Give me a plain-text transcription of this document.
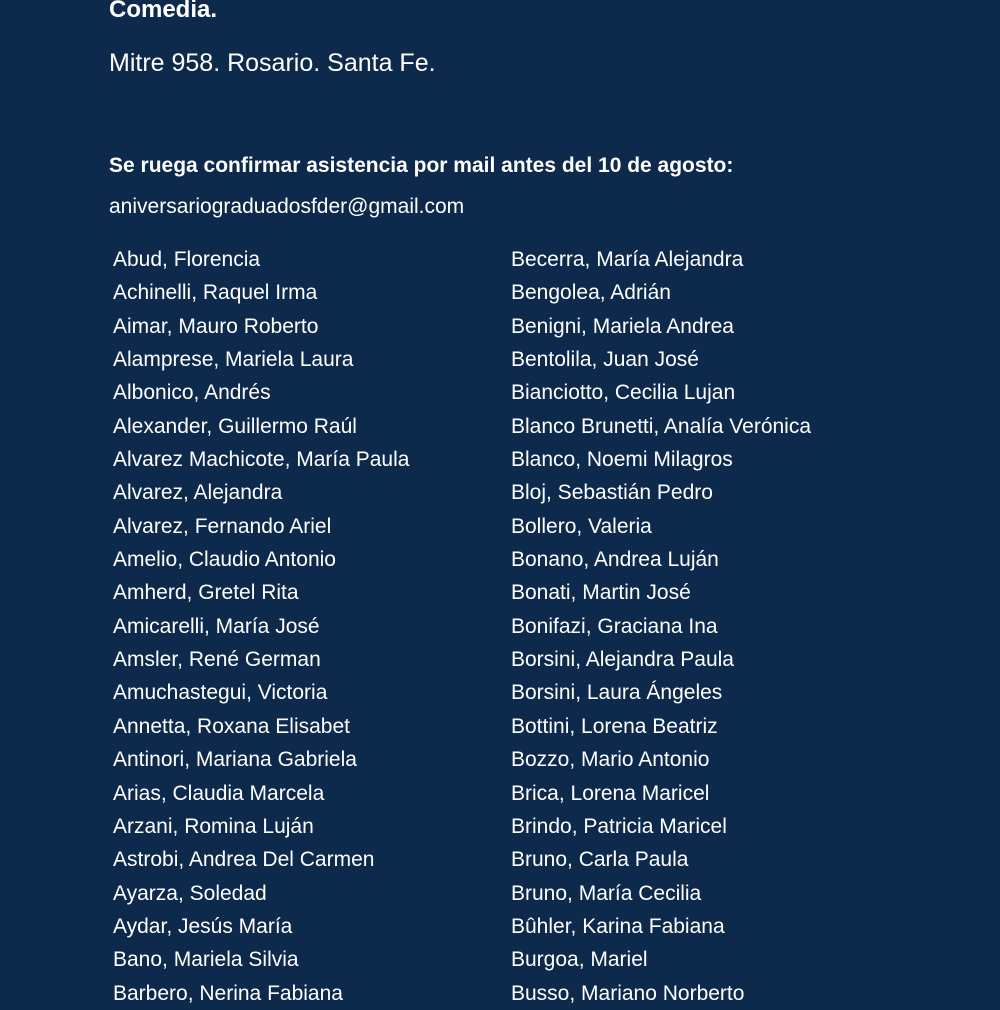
Comedia.
Mitre 958. Rosario. Santa Fe.
Se ruega confirmar asistencia por mail antes del 10 de agosto:
aniversariograduadosfder@gmail.com
Abud, Florencia
Achinelli, Raquel Irma
Aimar, Mauro Roberto
Alamprese, Mariela Laura
Albonico, Andrés
Alexander, Guillermo Raúl
Alvarez Machicote, María Paula
Alvarez, Alejandra
Alvarez, Fernando Ariel
Amelio, Claudio Antonio
Amherd, Gretel Rita
Amicarelli, María José
Amsler, René German
Amuchastegui, Victoria
Annetta, Roxana Elisabet
Antinori, Mariana Gabriela
Arias, Claudia Marcela
Arzani, Romina Luján
Astrobi, Andrea Del Carmen
Ayarza, Soledad
Aydar, Jesús María
Bano, Mariela Silvia
Barbero, Nerina Fabiana
Becerra, María Alejandra
Bengolea, Adrián
Benigni, Mariela Andrea
Bentolila, Juan José
Bianciotto, Cecilia Lujan
Blanco Brunetti, Analía Verónica
Blanco, Noemi Milagros
Bloj, Sebastián Pedro
Bollero, Valeria
Bonano, Andrea Luján
Bonati, Martin José
Bonifazi, Graciana Ina
Borsini, Alejandra Paula
Borsini, Laura Ángeles
Bottini, Lorena Beatriz
Bozzo, Mario Antonio
Brica, Lorena Maricel
Brindo, Patricia Maricel
Bruno, Carla Paula
Bruno, María Cecilia
Bûhler, Karina Fabiana
Burgoa, Mariel
Busso, Mariano Norberto
